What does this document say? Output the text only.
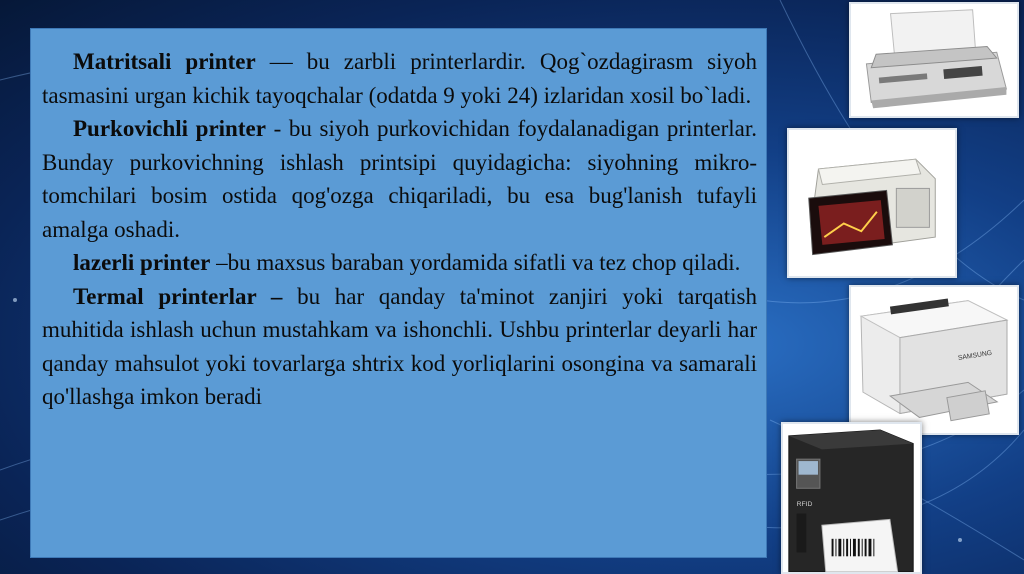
Matritsali printer — bu zarbli printerlardir. Qog`ozdagirasm siyoh tasmasini urgan kichik tayoqchalar (odatda 9 yoki 24) izlaridan xosil bo`ladi.

Purkovichli printer - bu siyoh purkovichidan foydalanadigan printerlar. Bunday purkovichning ishlash printsipi quyidagicha: siyohning mikro-tomchilari bosim ostida qog'ozga chiqariladi, bu esa bug'lanish tufayli amalga oshadi.

lazerli printer –bu maxsus baraban yordamida sifatli va tez chop qiladi.

Termal printerlar – bu har qanday ta'minot zanjiri yoki tarqatish muhitida ishlash uchun mustahkam va ishonchli. Ushbu printerlar deyarli har qanday mahsulot yoki tovarlarga shtrix kod yorliqlarini osongina va samarali qo'llashga imkon beradi

SAMSUNG
RFID
